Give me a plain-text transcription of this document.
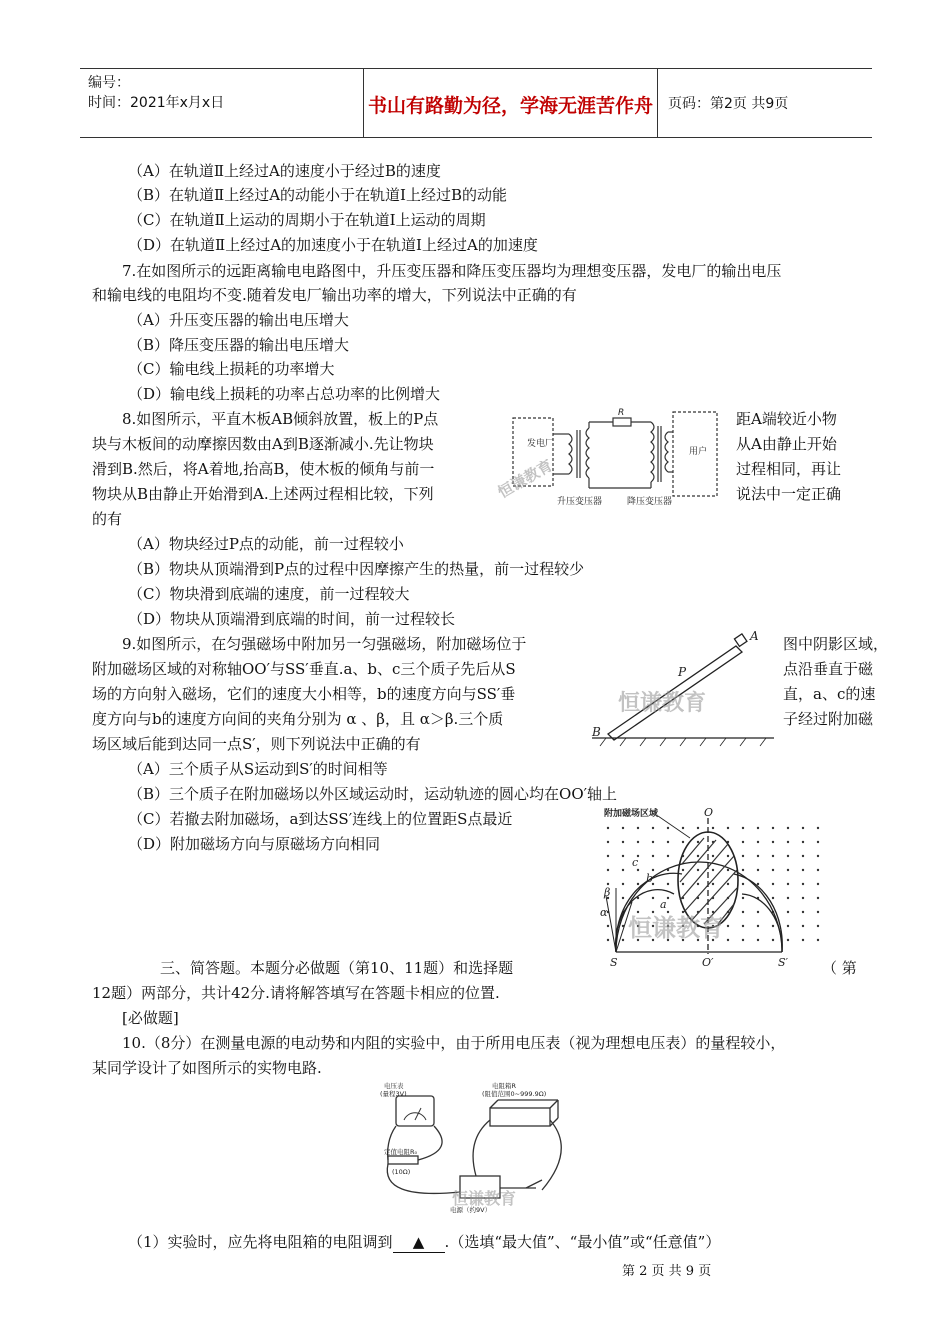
编号：
时间：2021年x月x日	书山有路勤为径，学海无涯苦作舟 页码：第2页 共9页
（A）在轨道Ⅱ上经过A的速度小于经过B的速度
（B）在轨道Ⅱ上经过A的动能小于在轨道Ⅰ上经过B的动能
（C）在轨道Ⅱ上运动的周期小于在轨道Ⅰ上运动的周期
（D）在轨道Ⅱ上经过A的加速度小于在轨道Ⅰ上经过A的加速度
7.在如图所示的远距离输电电路图中，升压变压器和降压变压器均为理想变压器，发电厂的输出电压
和输电线的电阻均不变.随着发电厂输出功率的增大，下列说法中正确的有
（A）升压变压器的输出电压增大
（B）降压变压器的输出电压增大
（C）输电线上损耗的功率增大
（D）输电线上损耗的功率占总功率的比例增大
8.如图所示，平直木板AB倾斜放置，板上的P点
块与木板间的动摩擦因数由A到B逐渐减小.先让物块
滑到B.然后，将A着地,抬高B，使木板的倾角与前一
物块从B由静止开始滑到A.上述两过程相比较，下列
的有
距A端较近小物
从A由静止开始
过程相同，再让
说法中一定正确
（A）物块经过P点的动能，前一过程较小
（B）物块从顶端滑到P点的过程中因摩擦产生的热量，前一过程较少
（C）物块滑到底端的速度，前一过程较大
（D）物块从顶端滑到底端的时间，前一过程较长
发电厂
用户
R
升压变压器	降压变压器
恒谦教育
9.如图所示，在匀强磁场中附加另一匀强磁场，附加磁场位于
附加磁场区域的对称轴OO′与SS′垂直.a、b、c三个质子先后从S
场的方向射入磁场，它们的速度大小相等，b的速度方向与SS′垂
度方向与b的速度方向间的夹角分别为 α 、β，且 α＞β.三个质
场区域后能到达同一点S′，则下列说法中正确的有
图中阴影区域，
点沿垂直于磁
直，a、c的速
子经过附加磁
（A）三个质子从S运动到S′的时间相等
（B）三个质子在附加磁场以外区域运动时，运动轨迹的圆心均在OO′轴上
（C）若撤去附加磁场，a到达SS′连线上的位置距S点最近
（D）附加磁场方向与原磁场方向相同
A
P
B
恒谦教育
附加磁场区域	O
O′
S	S′
a
b
c
β
α
恒谦教育
三、简答题。本题分必做题（第10、11题）和选择题	（ 第
12题）两部分，共计42分.请将解答填写在答题卡相应的位置.
[必做题]
10.（8分）在测量电源的电动势和内阻的实验中，由于所用电压表（视为理想电压表）的量程较小，
某同学设计了如图所示的实物电路.
电压表
(量程3V)
电阻箱R
(阻值范围0~999.9Ω)
定值电阻R₀
(10Ω)
电源（约9V）
恒谦教育
（1）实验时，应先将电阻箱的电阻调到 ▲ .（选填“最大值”、“最小值”或“任意值”）
第 2 页 共 9 页
